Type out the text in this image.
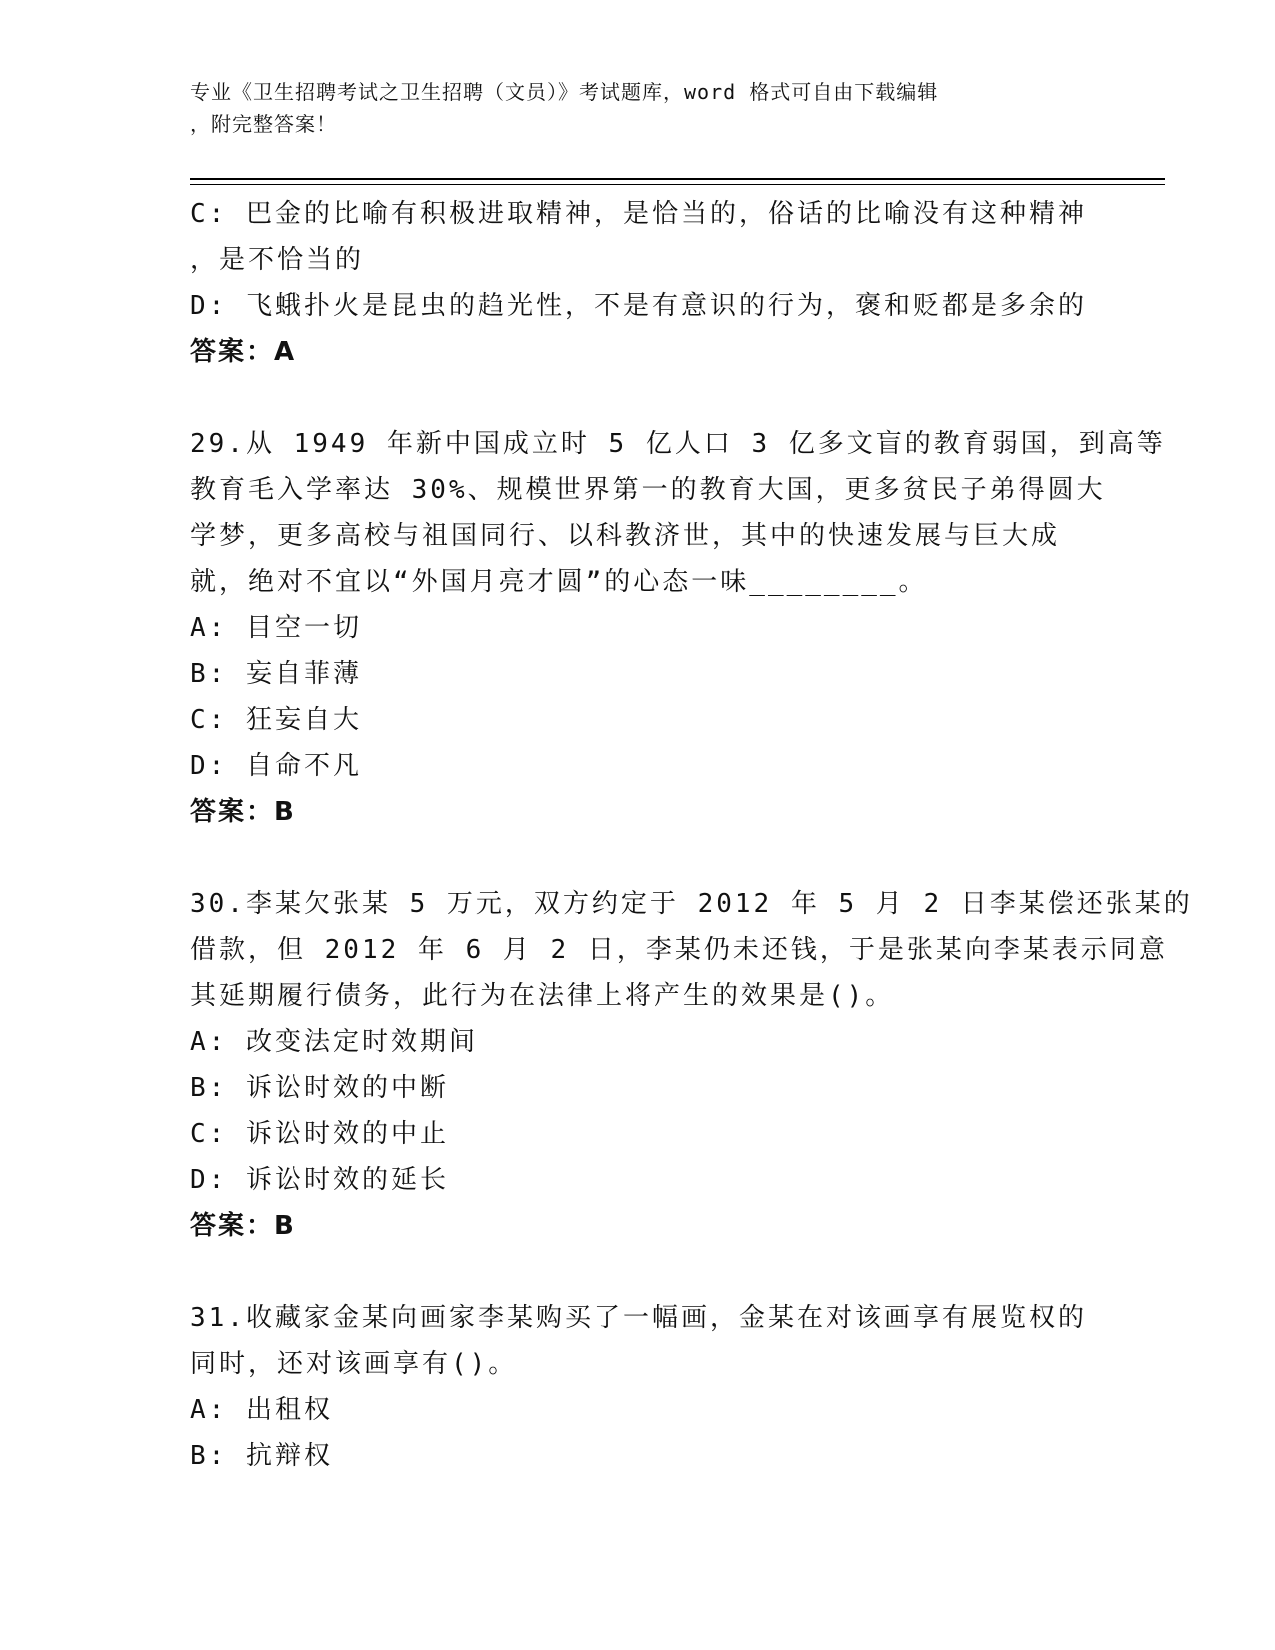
专业《卫生招聘考试之卫生招聘（文员）》考试题库，word 格式可自由下载编辑
，附完整答案！
C: 巴金的比喻有积极进取精神，是恰当的，俗话的比喻没有这种精神
，是不恰当的
D: 飞蛾扑火是昆虫的趋光性，不是有意识的行为，褒和贬都是多余的
答案：A
29.从 1949 年新中国成立时 5 亿人口 3 亿多文盲的教育弱国，到高等
教育毛入学率达 30%、规模世界第一的教育大国，更多贫民子弟得圆大
学梦，更多高校与祖国同行、以科教济世，其中的快速发展与巨大成
就，绝对不宜以“外国月亮才圆”的心态一味________。
A: 目空一切
B: 妄自菲薄
C: 狂妄自大
D: 自命不凡
答案：B
30.李某欠张某 5 万元，双方约定于 2012 年 5 月 2 日李某偿还张某的
借款，但 2012 年 6 月 2 日，李某仍未还钱，于是张某向李某表示同意
其延期履行债务，此行为在法律上将产生的效果是()。
A: 改变法定时效期间
B: 诉讼时效的中断
C: 诉讼时效的中止
D: 诉讼时效的延长
答案：B
31.收藏家金某向画家李某购买了一幅画，金某在对该画享有展览权的
同时，还对该画享有()。
A: 出租权
B: 抗辩权
